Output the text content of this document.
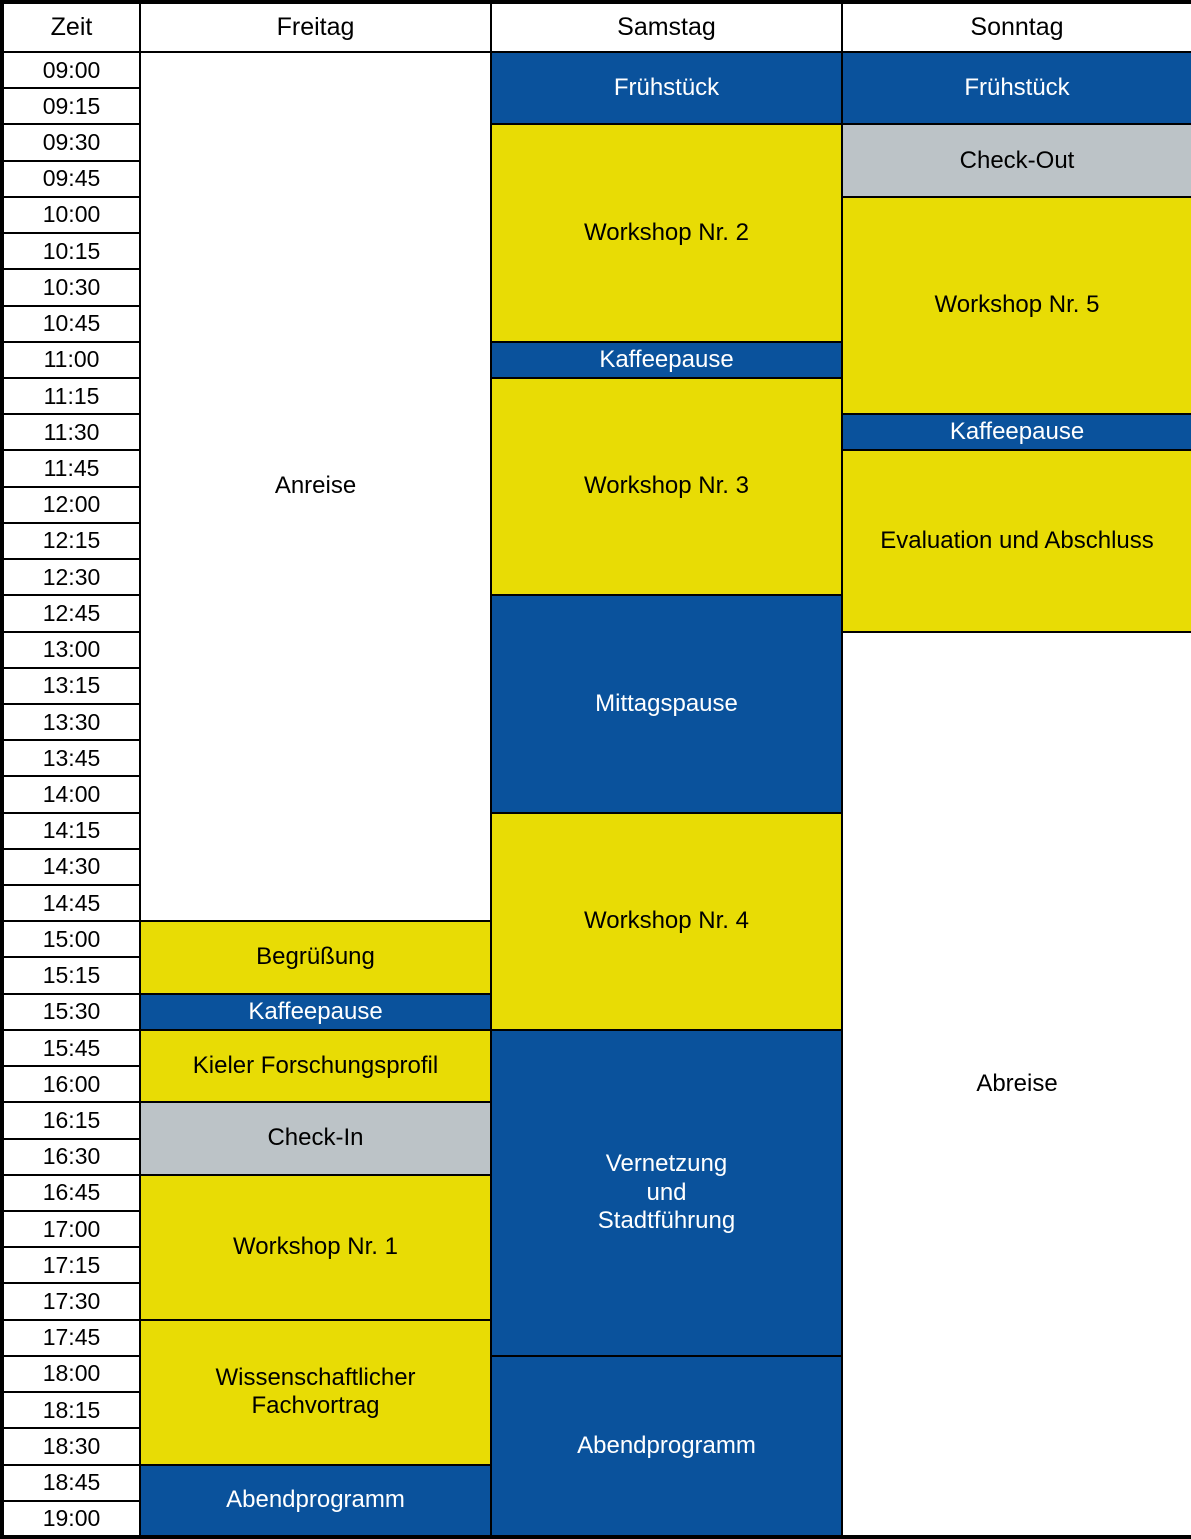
Zeit	Freitag	Samstag	Sonntag
09:00	Anreise	Frühstück	Frühstück

09:15			
09:30		Workshop Nr. 2	Check-Out

09:45			
10:00			Workshop Nr. 5

10:15			
10:30			
10:45			
11:00		Kaffeepause	

11:15		Workshop Nr. 3	

11:30			Kaffeepause

11:45			Evaluation und Abschluss

12:00			
12:15			
12:30			
12:45		Mittagspause	

13:00			Abreise

13:15			
13:30			
13:45			
14:00			
14:15		Workshop Nr. 4	

14:30			
14:45			
15:00	Begrüßung		

15:15			
15:30	Kaffeepause		

15:45	Kieler Forschungsprofil	Vernetzung
und
Stadtführung	

16:00			
16:15	Check-In		

16:30			
16:45	Workshop Nr. 1		

17:00			
17:15			
17:30			
17:45	Wissenschaftlicher
Fachvortrag		

18:00		Abendprogramm	

18:15			
18:30			
18:45	Abendprogramm		

19:00			
